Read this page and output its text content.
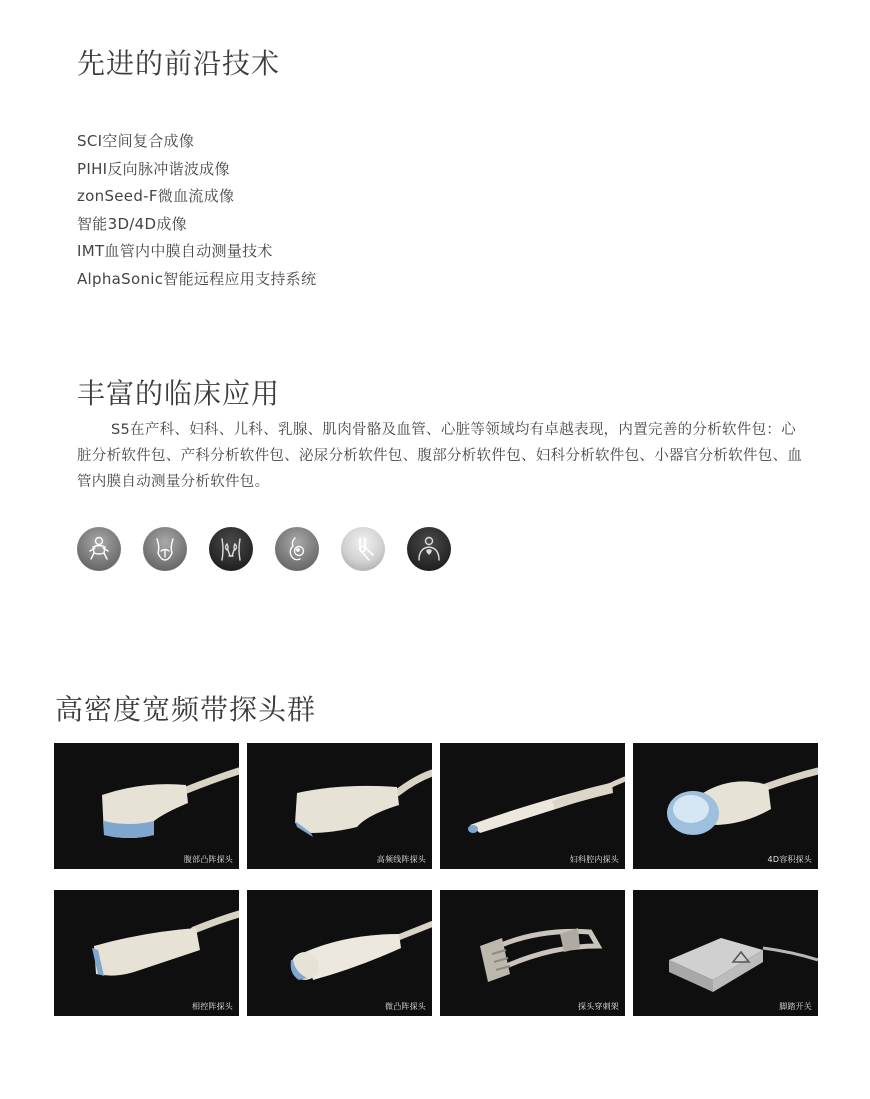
先进的前沿技术
SCI空间复合成像
PIHI反向脉冲谐波成像
zonSeed-F微血流成像
智能3D/4D成像
IMT血管内中膜自动测量技术
AlphaSonic智能远程应用支持系统
丰富的临床应用

S5在产科、妇科、儿科、乳腺、肌肉骨骼及血管、心脏等领域均有卓越表现，内置完善的分析软件包：心脏分析软件包、产科分析软件包、泌尿分析软件包、腹部分析软件包、妇科分析软件包、小器官分析软件包、血管内膜自动测量分析软件包。

高密度宽频带探头群
腹部凸阵探头	高频线阵探头	妇科腔内探头	4D容积探头
相控阵探头	微凸阵探头	探头穿刺架	脚踏开关
